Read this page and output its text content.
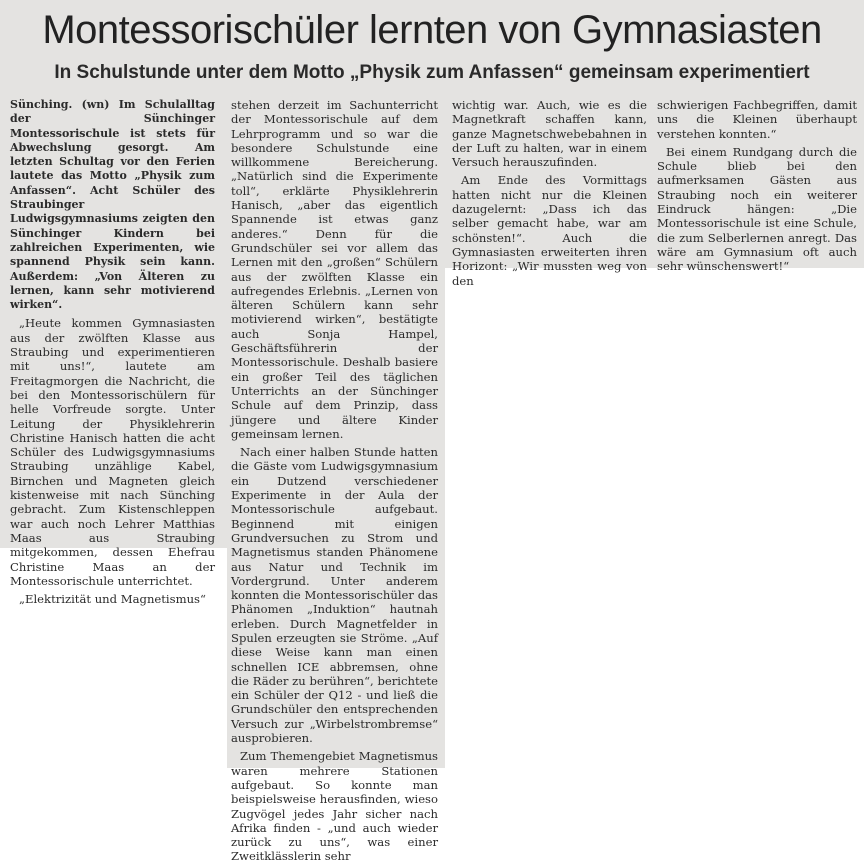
Montessorischüler lernten von Gymnasiasten
In Schulstunde unter dem Motto „Physik zum Anfassen“ gemeinsam experimentiert

Sünching. (wn) Im Schulalltag der Sünchinger Montessorischule ist stets für Abwechslung gesorgt. Am letzten Schultag vor den Ferien lautete das Motto „Physik zum Anfassen“. Acht Schüler des Straubinger Ludwigsgymnasiums zeigten den Sünchinger Kindern bei zahlreichen Experimenten, wie spannend Physik sein kann. Außerdem: „Von Älteren zu lernen, kann sehr motivierend wirken“.

„Heute kommen Gymnasiasten aus der zwölften Klasse aus Straubing und experimentieren mit uns!“, lautete am Freitagmorgen die Nachricht, die bei den Montessorischülern für helle Vorfreude sorgte. Unter Leitung der Physiklehrerin Christine Hanisch hatten die acht Schüler des Ludwigsgymnasiums Straubing unzählige Kabel, Birnchen und Magneten gleich kistenweise mit nach Sünching gebracht. Zum Kistenschleppen war auch noch Lehrer Matthias Maas aus Straubing mitgekommen, dessen Ehefrau Christine Maas an der Montessorischule unterrichtet.

„Elektrizität und Magnetismus“

stehen derzeit im Sachunterricht der Montessorischule auf dem Lehrprogramm und so war die besondere Schulstunde eine willkommene Bereicherung. „Natürlich sind die Experimente toll“, erklärte Physiklehrerin Hanisch, „aber das eigentlich Spannende ist etwas ganz anderes.“ Denn für die Grundschüler sei vor allem das Lernen mit den „großen“ Schülern aus der zwölften Klasse ein aufregendes Erlebnis. „Lernen von älteren Schülern kann sehr motivierend wirken“, bestätigte auch Sonja Hampel, Geschäftsführerin der Montessorischule. Deshalb basiere ein großer Teil des täglichen Unterrichts an der Sünchinger Schule auf dem Prinzip, dass jüngere und ältere Kinder gemeinsam lernen.

Nach einer halben Stunde hatten die Gäste vom Ludwigsgymnasium ein Dutzend verschiedener Experimente in der Aula der Montessorischule aufgebaut. Beginnend mit einigen Grundversuchen zu Strom und Magnetismus standen Phänomene aus Natur und Technik im Vordergrund. Unter anderem konnten die Montessorischüler das Phänomen „Induktion“ hautnah erleben. Durch Magnetfelder in Spulen erzeugten sie Ströme. „Auf diese Weise kann man einen schnellen ICE abbremsen, ohne die Räder zu berühren“, berichtete ein Schüler der Q12 - und ließ die Grundschüler den entsprechenden Versuch zur „Wirbelstrombremse“ ausprobieren.

Zum Themengebiet Magnetismus waren mehrere Stationen aufgebaut. So konnte man beispielsweise herausfinden, wieso Zugvögel jedes Jahr sicher nach Afrika finden - „und auch wieder zurück zu uns“, was einer Zweitklässlerin sehr

wichtig war. Auch, wie es die Magnetkraft schaffen kann, ganze Magnetschwebebahnen in der Luft zu halten, war in einem Versuch herauszufinden.

Am Ende des Vormittags hatten nicht nur die Kleinen dazugelernt: „Dass ich das selber gemacht habe, war am schönsten!“. Auch die Gymnasiasten erweiterten ihren Horizont: „Wir mussten weg von den

schwierigen Fachbegriffen, damit uns die Kleinen überhaupt verstehen konnten.“

Bei einem Rundgang durch die Schule blieb bei den aufmerksamen Gästen aus Straubing noch ein weiterer Eindruck hängen: „Die Montessorischule ist eine Schule, die zum Selberlernen anregt. Das wäre am Gymnasium oft auch sehr wünschenswert!“
